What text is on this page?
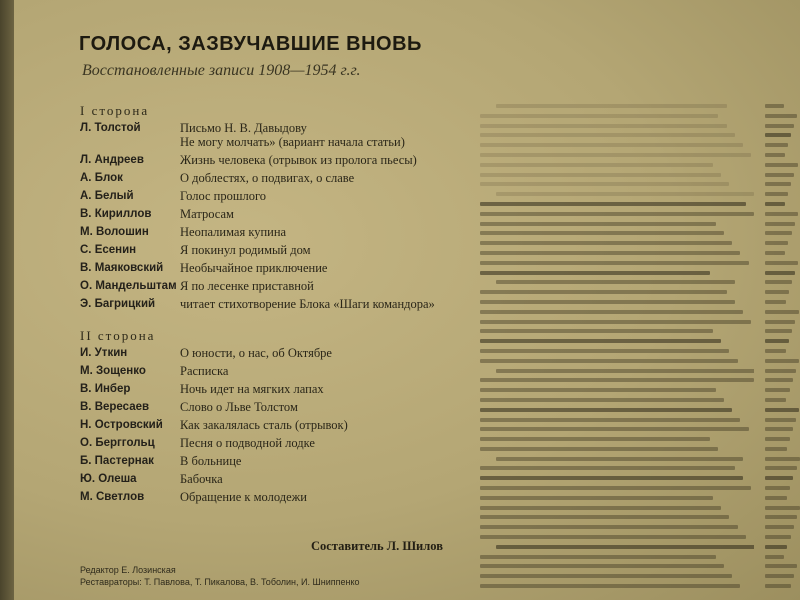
ГОЛОСА, ЗАЗВУЧАВШИЕ ВНОВЬ
Восстановленные записи 1908—1954 г.г.
I сторона
Л. Толстой	Письмо Н. В. Давыдову
Не могу молчать» (вариант начала статьи)
Л. Андреев	Жизнь человека (отрывок из пролога пьесы)
А. Блок	О доблестях, о подвигах, о славе
А. Белый	Голос прошлого
В. Кириллов	Матросам
М. Волошин	Неопалимая купина
С. Есенин	Я покинул родимый дом
В. Маяковский	Необычайное приключение
О. Мандельштам Я по лесенке приставной
Э. Багрицкий	читает стихотворение Блока «Шаги командора»
II сторона
И. Уткин	О юности, о нас, об Октябре
М. Зощенко	Расписка
В. Инбер	Ночь идет на мягких лапах
В. Вересаев	Слово о Льве Толстом
Н. Островский	Как закалялась сталь (отрывок)
О. Берггольц	Песня о подводной лодке
Б. Пастернак	В больнице
Ю. Олеша	Бабочка
М. Светлов	Обращение к молодежи
Составитель Л. Шилов
Редактор Е. Лозинская
Реставраторы: Т. Павлова, Т. Пикалова, В. Тоболин, И. Шниппенко
